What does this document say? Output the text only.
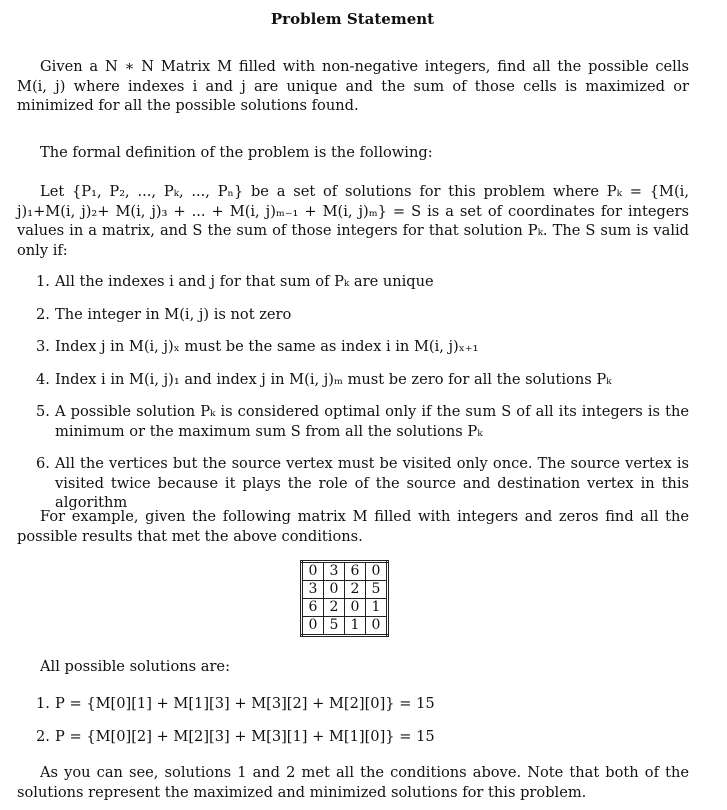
Problem Statement

Given a N ∗ N Matrix M filled with non-negative integers, find all the possible cells M(i, j) where indexes i and j are unique and the sum of those cells is maximized or minimized for all the possible solutions found.

The formal definition of the problem is the following:

Let {P₁, P₂, ..., Pₖ, ..., Pₙ} be a set of solutions for this problem where Pₖ = {M(i, j)₁+M(i, j)₂+ M(i, j)₃ + ... + M(i, j)ₘ₋₁ + M(i, j)ₘ} = S is a set of coordinates for integers values in a matrix, and S the sum of those integers for that solution Pₖ. The S sum is valid only if:

1. All the indexes i and j for that sum of Pₖ are unique
2. The integer in M(i, j) is not zero
3. Index j in M(i, j)ₓ must be the same as index i in M(i, j)ₓ₊₁
4. Index i in M(i, j)₁ and index j in M(i, j)ₘ must be zero for all the solutions Pₖ
5. A possible solution Pₖ is considered optimal only if the sum S of all its integers is the minimum or the maximum sum S from all the solutions Pₖ
6. All the vertices but the source vertex must be visited only once. The source vertex is visited twice because it plays the role of the source and destination vertex in this algorithm

For example, given the following matrix M filled with integers and zeros find all the possible results that met the above conditions.

0	3	6	0
3	0	2	5
6	2	0	1
0	5	1	0

All possible solutions are:

1. P = {M[0][1] + M[1][3] + M[3][2] + M[2][0]} = 15
2. P = {M[0][2] + M[2][3] + M[3][1] + M[1][0]} = 15

As you can see, solutions 1 and 2 met all the conditions above. Note that both of the solutions represent the maximized and minimized solutions for this problem.
